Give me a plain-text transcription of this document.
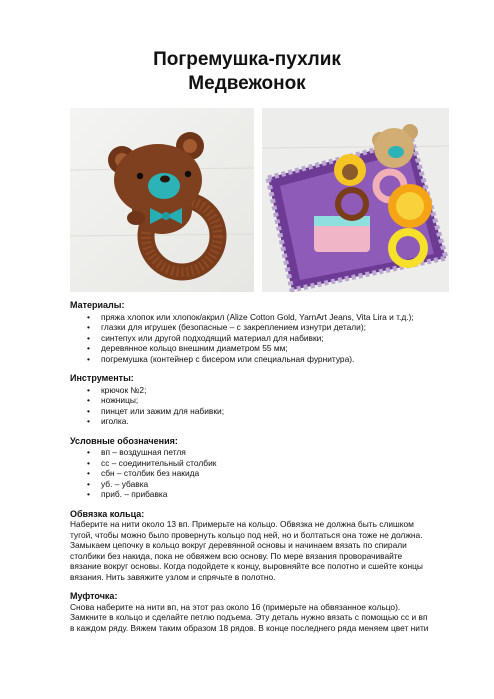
Погремушка-пухлик
Медвежонок

Материалы:

• пряжа хлопок или хлопок/акрил (Alize Cotton Gold, YarnArt Jeans, Vita Lira и т.д.);
• глазки для игрушек (безопасные – с закреплением изнутри детали);
• синтепух или другой подходящий материал для набивки;
• деревянное кольцо внешним диаметром 55 мм;
• погремушка (контейнер с бисером или специальная фурнитура).

Инструменты:

• крючок №2;
• ножницы;
• пинцет или зажим для набивки;
• иголка.

Условные обозначения:

• вп – воздушная петля
• сс – соединительный столбик
• сбн – столбик без накида
• уб. – убавка
• приб. – прибавка

Обвязка кольца:

Наберите на нити около 13 вп. Примерьте на кольцо. Обвязка не должна быть слишком
тугой, чтобы можно было провернуть кольцо под ней, но и болтаться она тоже не должна.
Замыкаем цепочку в кольцо вокруг деревянной основы и начинаем вязать по спирали
столбики без накида, пока не обвяжем всю основу. По мере вязания проворачивайте
вязание вокруг основы. Когда подойдете к концу, выровняйте все полотно и сшейте концы
вязания. Нить завяжите узлом и спрячьте в полотно.

Муфточка:

Снова наберите на нити вп, на этот раз около 16 (примерьте на обвязанное кольцо).
Замкните в кольцо и сделайте петлю подъема. Эту деталь нужно вязать с помощью сс и вп
в каждом ряду. Вяжем таким образом 18 рядов. В конце последнего ряда меняем цвет нити
